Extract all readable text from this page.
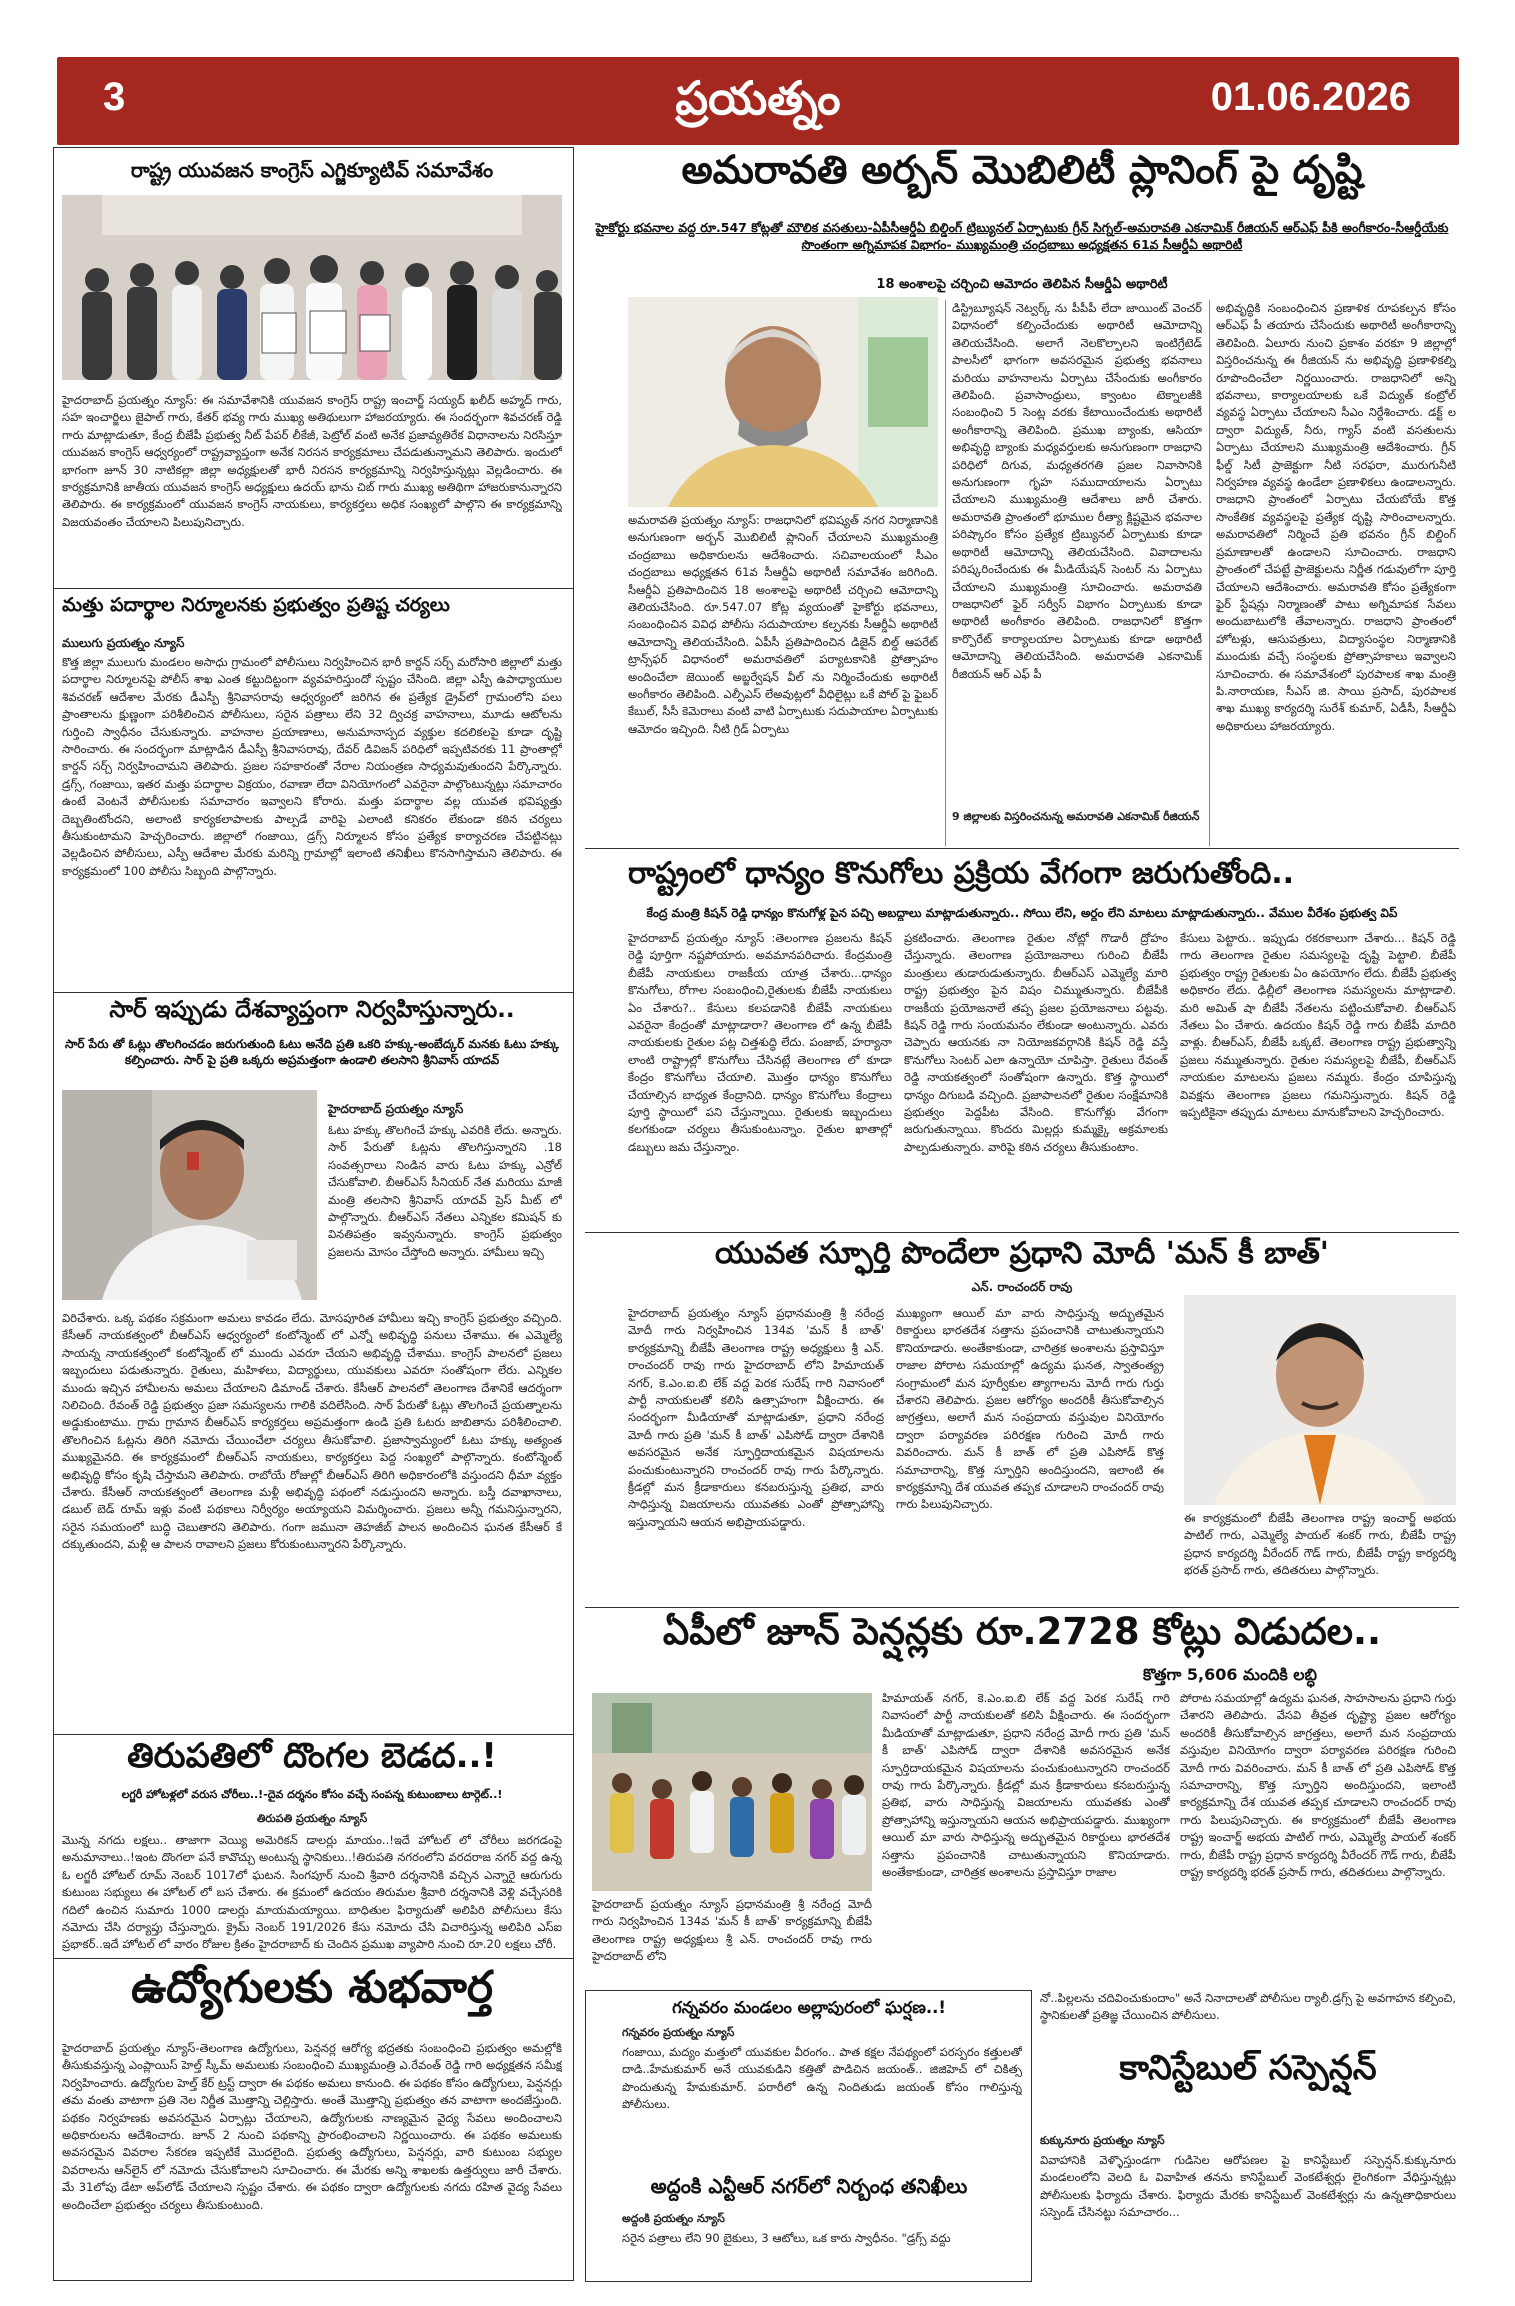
3	ప్రయత్నం	01.06.2026
రాష్ట్ర యువజన కాంగ్రెస్ ఎగ్జిక్యూటివ్ సమావేశం
హైదరాబాద్ ప్రయత్నం న్యూస్: ఈ సమావేశానికి యువజన కాంగ్రెస్ రాష్ట్ర ఇంచార్జ్ సయ్యద్ ఖలీద్ అహ్మద్ గారు, సహ ఇంచార్జిలు జైపాల్ గారు, కేతర్ భవ్య గారు ముఖ్య అతిథులుగా హాజరయ్యారు. ఈ సందర్భంగా శివచరణ్ రెడ్డి గారు మాట్లాడుతూ, కేంద్ర బీజేపీ ప్రభుత్వ నీట్ పేపర్ లీకేజీ, పెట్రోల్ వంటి అనేక ప్రజావ్యతిరేక విధానాలను నిరసిస్తూ యువజన కాంగ్రెస్ ఆధ్వర్యంలో రాష్ట్రవ్యాప్తంగా అనేక నిరసన కార్యక్రమాలు చేపడుతున్నామని తెలిపారు. ఇందులో భాగంగా జూన్ 30 నాటికల్లా జిల్లా అధ్యక్షులతో భారీ నిరసన కార్యక్రమాన్ని నిర్వహిస్తున్నట్లు వెల్లడించారు. ఈ కార్యక్రమానికి జాతీయ యువజన కాంగ్రెస్ అధ్యక్షులు ఉదయ్ భాను చిబ్ గారు ముఖ్య అతిథిగా హాజరుకానున్నారని తెలిపారు. ఈ కార్యక్రమంలో యువజన కాంగ్రెస్ నాయకులు, కార్యకర్తలు అధిక సంఖ్యలో పాల్గొని ఈ కార్యక్రమాన్ని విజయవంతం చేయాలని పిలుపునిచ్చారు.
మత్తు పదార్థాల నిర్మూలనకు ప్రభుత్వం ప్రతిష్ట చర్యలు
ములుగు ప్రయత్నం న్యూస్
కొత్త జిల్లా ములుగు మండలం అసాధు గ్రామంలో పోలీసులు నిర్వహించిన భారీ కార్డన్ సర్చ్ మరోసారి జిల్లాలో మత్తు పదార్థాల నిర్మూలనపై పోలీస్ శాఖ ఎంత కట్టుదిట్టంగా వ్యవహరిస్తుందో స్పష్టం చేసింది. జిల్లా ఎస్పీ ఉపాధ్యాయుల శివచరణ్ ఆదేశాల మేరకు డీఎస్పీ శ్రీనివాసరావు ఆధ్వర్యంలో జరిగిన ఈ ప్రత్యేక డ్రైవ్‌లో గ్రామంలోని పలు ప్రాంతాలను క్షుణ్ణంగా పరిశీలించిన పోలీసులు, సరైన పత్రాలు లేని 32 ద్విచక్ర వాహనాలు, మూడు ఆటోలను గుర్తించి స్వాధీనం చేసుకున్నారు. వాహనాల ప్రయాణాలు, అనుమానాస్పద వ్యక్తుల కదలికలపై కూడా దృష్టి సారించారు. ఈ సందర్భంగా మాట్లాడిన డీఎస్పీ శ్రీనివాసరావు, దేవర్ డివిజన్ పరిధిలో ఇప్పటివరకు 11 ప్రాంతాల్లో కార్డన్ సర్చ్ నిర్వహించామని తెలిపారు. ప్రజల సహకారంతో నేరాల నియంత్రణ సాధ్యమవుతుందని పేర్కొన్నారు. డ్రగ్స్, గంజాయి, ఇతర మత్తు పదార్థాల విక్రయం, రవాణా లేదా వినియోగంలో ఎవరైనా పాల్గొంటున్నట్లు సమాచారం ఉంటే వెంటనే పోలీసులకు సమాచారం ఇవ్వాలని కోరారు. మత్తు పదార్థాల వల్ల యువత భవిష్యత్తు దెబ్బతింటోందని, అలాంటి కార్యకలాపాలకు పాల్పడే వారిపై ఎలాంటి కనికరం లేకుండా కఠిన చర్యలు తీసుకుంటామని హెచ్చరించారు. జిల్లాలో గంజాయి, డ్రగ్స్ నిర్మూలన కోసం ప్రత్యేక కార్యాచరణ చేపట్టినట్లు వెల్లడించిన పోలీసులు, ఎస్పీ ఆదేశాల మేరకు మరిన్ని గ్రామాల్లో ఇలాంటి తనిఖీలు కొనసాగిస్తామని తెలిపారు. ఈ కార్యక్రమంలో 100 పోలీసు సిబ్బంది పాల్గొన్నారు.
సార్ ఇప్పుడు దేశవ్యాప్తంగా నిర్వహిస్తున్నారు..
సార్ పేరు తో ఓట్లు తొలగించడం జరుగుతుంది ఓటు అనేది ప్రతి ఒకరి హక్కు-అంబేద్కర్ మనకు ఓటు హక్కు కల్పించారు. సార్ పై ప్రతి ఒక్కరు అప్రమత్తంగా ఉండాలి తలసాని శ్రీనివాస్ యాదవ్
హైదరాబాద్ ప్రయత్నం న్యూస్
ఓటు హక్కు తొలగించే హక్కు ఎవరికి లేదు. అన్నారు. సార్ పేరుతో ఓట్లను తొలగిస్తున్నారని .18 సంవత్సరాలు నిండిన వారు ఓటు హక్కు ఎన్రోల్ చేసుకోవాలి. బీఆర్ఎస్ సీనియర్ నేత మరియు మాజీ మంత్రి తలసాని శ్రీనివాస్ యాదవ్ ప్రెస్ మీట్ లో పాల్గొన్నారు. బీఆర్ఎస్ నేతలు ఎన్నికల కమిషన్ కు వినతిపత్రం ఇవ్వనున్నారు. కాంగ్రెస్ ప్రభుత్వం ప్రజలను మోసం చేస్తోంది అన్నారు. హామీలు ఇచ్చి
విరిచేశారు. ఒక్క పథకం సక్రమంగా అమలు కావడం లేదు. మోసపూరిత హామీలు ఇచ్చి కాంగ్రెస్ ప్రభుత్వం వచ్చింది. కేసీఆర్ నాయకత్వంలో బీఆర్ఎస్ ఆధ్వర్యంలో కంటోన్మెంట్ లో ఎన్నో అభివృద్ధి పనులు చేశాము. ఈ ఎమ్మెల్యే సాయన్న నాయకత్వంలో కంటోన్మెంట్ లో ముందు ఎవరూ చేయని అభివృద్ధి చేశాము. కాంగ్రెస్ పాలనలో ప్రజలు ఇబ్బందులు పడుతున్నారు. రైతులు, మహిళలు, విద్యార్థులు, యువకులు ఎవరూ సంతోషంగా లేరు. ఎన్నికల ముందు ఇచ్చిన హామీలను అమలు చేయాలని డిమాండ్ చేశారు. కేసీఆర్ పాలనలో తెలంగాణ దేశానికే ఆదర్శంగా నిలిచింది. రేవంత్ రెడ్డి ప్రభుత్వం ప్రజా సమస్యలను గాలికి వదిలేసింది. సార్ పేరుతో ఓట్లు తొలగించే ప్రయత్నాలను అడ్డుకుంటాము. గ్రామ గ్రామాన బీఆర్ఎస్ కార్యకర్తలు అప్రమత్తంగా ఉండి ప్రతి ఓటరు జాబితాను పరిశీలించాలి. తొలగించిన ఓట్లను తిరిగి నమోదు చేయించేలా చర్యలు తీసుకోవాలి. ప్రజాస్వామ్యంలో ఓటు హక్కు అత్యంత ముఖ్యమైనది. ఈ కార్యక్రమంలో బీఆర్ఎస్ నాయకులు, కార్యకర్తలు పెద్ద సంఖ్యలో పాల్గొన్నారు. కంటోన్మెంట్ అభివృద్ధి కోసం కృషి చేస్తామని తెలిపారు. రాబోయే రోజుల్లో బీఆర్ఎస్ తిరిగి అధికారంలోకి వస్తుందని ధీమా వ్యక్తం చేశారు. కేసీఆర్ నాయకత్వంలో తెలంగాణ మళ్లీ అభివృద్ధి పథంలో నడుస్తుందని అన్నారు. బస్తీ దవాఖానాలు, డబుల్ బెడ్ రూమ్ ఇళ్లు వంటి పథకాలు నిర్వీర్యం అయ్యాయని విమర్శించారు. ప్రజలు అన్నీ గమనిస్తున్నారని, సరైన సమయంలో బుద్ధి చెబుతారని తెలిపారు. గంగా జమునా తెహజీబ్ పాలన అందించిన ఘనత కేసీఆర్ కే దక్కుతుందని, మళ్లీ ఆ పాలన రావాలని ప్రజలు కోరుకుంటున్నారని పేర్కొన్నారు.
తిరుపతిలో దొంగల బెడద..!
లగ్జరీ హోటళ్లలో వరుస చోరీలు..!-దైవ దర్శనం కోసం వచ్చే సంపన్న కుటుంబాలు టార్గెట్..!
తిరుపతి ప్రయత్నం న్యూస్
మొన్న నగదు లక్షలు.. తాజాగా వెయ్యి అమెరికన్ డాలర్లు మాయం..!ఇదే హోటల్ లో చోరీలు జరగడంపై అనుమానాలు..!ఇంట దొంగలా పనే కావొచ్చు అంటున్న స్థానికులు..!తిరుపతి నగరంలోని వరదరాజ నగర్ వద్ద ఉన్న ఓ లగ్జరీ హోటల్ రూమ్ నెంబర్ 1017లో ఘటన. సింగపూర్ నుంచి శ్రీవారి దర్శనానికి వచ్చిన ఎన్నారై ఆరుగురు కుటుంబ సభ్యులు ఈ హోటల్ లో బస చేశారు. ఈ క్రమంలో ఉదయం తిరుమల శ్రీవారి దర్శనానికి వెళ్లి వచ్చేసరికి గదిలో ఉంచిన సుమారు 1000 డాలర్లు మాయమయ్యాయి. బాధితుల ఫిర్యాదుతో అలిపిరి పోలీసులు కేసు నమోదు చేసి దర్యాప్తు చేస్తున్నారు. క్రైమ్ నెంబర్ 191/2026 కేసు నమోదు చేసి విచారిస్తున్న అలిపిరి ఎస్ఐ ప్రభాకర్..ఇదే హోటల్ లో వారం రోజుల క్రితం హైదరాబాద్ కు చెందిన ప్రముఖ వ్యాపారి నుంచి రూ.20 లక్షలు చోరీ.
ఉద్యోగులకు శుభవార్త
హైదరాబాద్ ప్రయత్నం న్యూస్-తెలంగాణ ఉద్యోగులు, పెన్షనర్ల ఆరోగ్య భద్రతకు సంబంధించి ప్రభుత్వం అమల్లోకి తీసుకువస్తున్న ఎంప్లాయిస్ హెల్త్ స్కీమ్ అమలుకు సంబంధించి ముఖ్యమంత్రి ఎ.రేవంత్ రెడ్డి గారి అధ్యక్షతన సమీక్ష నిర్వహించారు. ఉద్యోగుల హెల్త్ కేర్ ట్రస్ట్ ద్వారా ఈ పథకం అమలు కానుంది. ఈ పథకం కోసం ఉద్యోగులు, పెన్షనర్లు తమ వంతు వాటాగా ప్రతి నెల నిర్ణీత మొత్తాన్ని చెల్లిస్తారు. అంతే మొత్తాన్ని ప్రభుత్వం తన వాటాగా అందజేస్తుంది. పథకం నిర్వహణకు అవసరమైన ఏర్పాట్లు చేయాలని, ఉద్యోగులకు నాణ్యమైన వైద్య సేవలు అందించాలని అధికారులను ఆదేశించారు. జూన్ 2 నుంచి పథకాన్ని ప్రారంభించాలని నిర్ణయించారు. ఈ పథకం అమలుకు అవసరమైన వివరాల సేకరణ ఇప్పటికే మొదలైంది. ప్రభుత్వ ఉద్యోగులు, పెన్షనర్లు, వారి కుటుంబ సభ్యుల వివరాలను ఆన్‌లైన్ లో నమోదు చేసుకోవాలని సూచించారు. ఈ మేరకు అన్ని శాఖలకు ఉత్తర్వులు జారీ చేశారు. మే 31లోపు డేటా అప్‌లోడ్ చేయాలని స్పష్టం చేశారు. ఈ పథకం ద్వారా ఉద్యోగులకు నగదు రహిత వైద్య సేవలు అందించేలా ప్రభుత్వం చర్యలు తీసుకుంటుంది.
అమరావతి అర్బన్ మొబిలిటీ ప్లానింగ్ పై దృష్టి
హైకోర్టు భవనాల వద్ద రూ.547 కోట్లతో మౌలిక వసతులు-ఏపీసీఆర్డీఏ బిల్డింగ్ ట్రిబ్యునల్ ఏర్పాటుకు గ్రీన్ సిగ్నల్-అమరావతి ఎకనామిక్ రీజియన్ ఆర్ఎఫ్ పీకి అంగీకారం-సీఆర్డీయేకు సొంతంగా అగ్నిమాపక విభాగం- ముఖ్యమంత్రి చంద్రబాబు అధ్యక్షతన 61వ సీఆర్డీఏ అథారిటీ
18 అంశాలపై చర్చించి ఆమోదం తెలిపిన సీఆర్డీఏ అథారిటీ
అమరావతి ప్రయత్నం న్యూస్: రాజధానిలో భవిష్యత్ నగర నిర్మాణానికి అనుగుణంగా అర్బన్ మొబిలిటీ ప్లానింగ్ చేయాలని ముఖ్యమంత్రి చంద్రబాబు అధికారులను ఆదేశించారు. సచివాలయంలో సీఎం చంద్రబాబు అధ్యక్షతన 61వ సీఆర్డీఏ అథారిటీ సమావేశం జరిగింది. సీఆర్డీఏ ప్రతిపాదించిన 18 అంశాలపై అథారిటీ చర్చించి ఆమోదాన్ని తెలియచేసింది. రూ.547.07 కోట్ల వ్యయంతో హైకోర్టు భవనాలు, సంబంధించిన వివిధ పోలీసు సదుపాయాల కల్పనకు సీఆర్డీఏ అథారిటీ ఆమోదాన్ని తెలియచేసింది. ఏపీసీ ప్రతిపాదించిన డిజైన్ బిల్డ్ ఆపరేట్ ట్రాన్స్‌ఫర్ విధానంలో అమరావతిలో పర్యాటకానికి ప్రోత్సాహం అందించేలా జెయింట్ అబ్జర్వేషన్ వీల్ ను నిర్మించేందుకు అథారిటీ అంగీకారం తెలిపింది. ఎల్పీఎస్ లేఅవుట్లలో వీధిలైట్లు ఒకే పోల్ పై ఫైబర్ కేబుల్, సీసీ కెమెరాలు వంటి వాటి ఏర్పాటుకు సదుపాయాల ఏర్పాటుకు ఆమోదం ఇచ్చింది. నీటి గ్రిడ్ ఏర్పాటు
డిస్ట్రిబ్యూషన్ నెట్వర్క్ ను పీపీపీ లేదా జాయింట్ వెంచర్ విధానంలో కల్పించేందుకు అథారిటీ ఆమోదాన్ని తెలియచేసింది. అలాగే నెలకొల్పాలని ఇంటిగ్రేటెడ్ పాలసీలో భాగంగా అవసరమైన ప్రభుత్వ భవనాలు మరియు వాహనాలను ఏర్పాటు చేసేందుకు అంగీకారం తెలిపింది. ప్రవాసాంధ్రులు, క్వాంటం టెక్నాలజీకి సంబంధించి 5 సెంట్ల వరకు కేటాయించేందుకు అథారిటీ అంగీకారాన్ని తెలిపింది. ప్రముఖ బ్యాంకు, ఆసియా అభివృద్ధి బ్యాంకు మధ్యవర్తులకు అనుగుణంగా రాజధాని పరిధిలో దిగువ, మధ్యతరగతి ప్రజల నివాసానికి అనుగుణంగా గృహ సముదాయాలను ఏర్పాటు చేయాలని ముఖ్యమంత్రి ఆదేశాలు జారీ చేశారు. అమరావతి ప్రాంతంలో భూముల రీత్యా క్లిష్టమైన భవనాల పరిష్కారం కోసం ప్రత్యేక ట్రిబ్యునల్ ఏర్పాటుకు కూడా అథారిటీ ఆమోదాన్ని తెలియచేసింది. వివాదాలను పరిష్కరించేందుకు ఈ మీడియేషన్ సెంటర్ ను ఏర్పాటు చేయాలని ముఖ్యమంత్రి సూచించారు. అమరావతి రాజధానిలో ఫైర్ సర్వీస్ విభాగం ఏర్పాటుకు కూడా అథారిటీ అంగీకారం తెలిపింది. రాజధానిలో కొత్తగా కార్పొరేట్ కార్యాలయాల ఏర్పాటుకు కూడా అథారిటీ ఆమోదాన్ని తెలియచేసింది. అమరావతి ఎకనామిక్ రీజియన్ ఆర్ ఎఫ్ పీ
9 జిల్లాలకు విస్తరించనున్న అమరావతి ఎకనామిక్ రీజియన్
అభివృద్ధికి సంబంధించిన ప్రణాళిక రూపకల్పన కోసం ఆర్ఎఫ్ పీ తయారు చేసేందుకు అథారిటీ అంగీకారాన్ని తెలిపింది. ఏలూరు నుంచి ప్రకాశం వరకూ 9 జిల్లాల్లో విస్తరించనున్న ఈ రీజియన్ ను అభివృద్ధి ప్రణాళికల్ని రూపొందించేలా నిర్ణయించారు. రాజధానిలో అన్ని భవనాలు, కార్యాలయాలకు ఒకే విద్యుత్ కంట్రోల్ వ్యవస్థ ఏర్పాటు చేయాలని సీఎం నిర్దేశించారు. డక్ట్ ల ద్వారా విద్యుత్, నీరు, గ్యాస్ వంటి వసతులను ఏర్పాటు చేయాలని ముఖ్యమంత్రి ఆదేశించారు. గ్రీన్ ఫీల్డ్ సిటీ ప్రాజెక్టుగా నీటి సరఫరా, మురుగునీటి నిర్వహణ వ్యవస్థ ఉండేలా ప్రణాళికలు ఉండాలన్నారు. రాజధాని ప్రాంతంలో ఏర్పాటు చేయబోయే కొత్త సాంకేతిక వ్యవస్థలపై ప్రత్యేక దృష్టి సారించాలన్నారు. అమరావతిలో నిర్మించే ప్రతి భవనం గ్రీన్ బిల్డింగ్ ప్రమాణాలతో ఉండాలని సూచించారు. రాజధాని ప్రాంతంలో చేపట్టే ప్రాజెక్టులను నిర్ణీత గడువులోగా పూర్తి చేయాలని ఆదేశించారు. అమరావతి కోసం ప్రత్యేకంగా ఫైర్ స్టేషన్లు నిర్మాణంతో పాటు అగ్నిమాపక సేవలు అందుబాటులోకి తేవాలన్నారు. రాజధాని ప్రాంతంలో హోటళ్లు, ఆసుపత్రులు, విద్యాసంస్థల నిర్మాణానికి ముందుకు వచ్చే సంస్థలకు ప్రోత్సాహకాలు ఇవ్వాలని సూచించారు. ఈ సమావేశంలో పురపాలక శాఖ మంత్రి పి.నారాయణ, సీఎస్ జి. సాయి ప్రసాద్, పురపాలక శాఖ ముఖ్య కార్యదర్శి సురేశ్ కుమార్, ఏడీసీ, సీఆర్డీఏ అధికారులు హాజరయ్యారు.
రాష్ట్రంలో ధాన్యం కొనుగోలు ప్రక్రియ వేగంగా జరుగుతోంది..
కేంద్ర మంత్రి కిషన్ రెడ్డి ధాన్యం కొనుగోళ్ల పైన పచ్చి అబద్ధాలు మాట్లాడుతున్నారు.. సోయి లేని, అర్ధం లేని మాటలు మాట్లాడుతున్నారు.. వేముల వీరేశం ప్రభుత్వ విప్
హైదరాబాద్ ప్రయత్నం న్యూస్ :తెలంగాణ ప్రజలను కిషన్ రెడ్డి పూర్తిగా నష్టపోయారు. అవమానపరిచారు. కేంద్రమంత్రి బీజేపీ నాయకులు రాజకీయ యాత్ర చేశారు...ధాన్యం కొనుగోలు, రోగాల సంబంధించి,రైతులకు బీజేపీ నాయకులు ఏం చేశారు?.. కేసులు కలపడానికి బీజేపీ నాయకులు ఎవరైనా కేంద్రంతో మాట్లాడారా? తెలంగాణ లో ఉన్న బీజేపీ నాయకులకు రైతుల పట్ల చిత్తశుద్ధి లేదు. పంజాబ్, హర్యానా లాంటి రాష్ట్రాల్లో కొనుగోలు చేసినట్లే తెలంగాణ లో కూడా కేంద్రం కొనుగోలు చేయాలి. మొత్తం ధాన్యం కొనుగోలు చేయాల్సిన బాధ్యత కేంద్రానిది. ధాన్యం కొనుగోలు కేంద్రాలు పూర్తి స్థాయిలో పని చేస్తున్నాయి. రైతులకు ఇబ్బందులు కలగకుండా చర్యలు తీసుకుంటున్నాం. రైతుల ఖాతాల్లో డబ్బులు జమ చేస్తున్నాం.
ప్రకటించారు. తెలంగాణ రైతుల నోట్లో గొడారీ ద్రోహం చేస్తున్నారు. తెలంగాణ ప్రయోజనాలు గురించి బీజేపీ మంత్రులు తుడారుడుతున్నారు. బీఆర్ఎస్ ఎమ్మెల్యే మారి రాష్ట్ర ప్రభుత్వం పైన విషం చిమ్ముతున్నారు. బీజేపీకి రాజకీయ ప్రయోజనాలే తప్ప ప్రజల ప్రయోజనాలు పట్టవు. కిషన్ రెడ్డి గారు సంయమనం లేకుండా అంటున్నారు. ఎవరు చెప్పారు ఆయనకు నా నియోజకవర్గానికి కిషన్ రెడ్డి వస్తే కొనుగోలు సెంటర్ ఎలా ఉన్నాయో చూపిస్తా. రైతులు రేవంత్ రెడ్డి నాయకత్వంలో సంతోషంగా ఉన్నారు. కొత్త స్థాయిలో ధాన్యం దిగుబడి వచ్చింది. ప్రజాపాలనలో రైతుల సంక్షేమానికి ప్రభుత్వం పెద్దపీట వేసింది. కొనుగోళ్లు వేగంగా జరుగుతున్నాయి. కొందరు మిల్లర్లు కుమ్మక్కై అక్రమాలకు పాల్పడుతున్నారు. వారిపై కఠిన చర్యలు తీసుకుంటాం.
కేసులు పెట్టారు.. ఇప్పుడు రకరకాలుగా చేశారు... కిషన్ రెడ్డి గారు తెలంగాణ రైతుల సమస్యలపై దృష్టి పెట్టాలి. బీజేపీ ప్రభుత్వం రాష్ట్ర రైతులకు ఏం ఉపయోగం లేదు. బీజేపీ ప్రభుత్వ అధికారం లేదు. ఢిల్లీలో తెలంగాణ సమస్యలను మాట్లాడాలి. మరి అమిత్ షా బీజేపీ నేతలను పట్టించుకోవాలి. బీఆర్ఎస్ నేతలు ఏం చేశారు. ఉదయం కిషన్ రెడ్డి గారు బీజేపీ మాదిరి వాళ్లు. బీఆర్ఎస్, బీజేపీ ఒక్కటే. తెలంగాణ రాష్ట్ర ప్రభుత్వాన్ని ప్రజలు నమ్ముతున్నారు. రైతుల సమస్యలపై బీజేపీ, బీఆర్ఎస్ నాయకుల మాటలను ప్రజలు నమ్మరు. కేంద్రం చూపిస్తున్న వివక్షను తెలంగాణ ప్రజలు గమనిస్తున్నారు. కిషన్ రెడ్డి ఇప్పటికైనా తప్పుడు మాటలు మానుకోవాలని హెచ్చరించారు.
యువత స్ఫూర్తి పొందేలా ప్రధాని మోదీ 'మన్ కీ బాత్'
ఎన్. రాంచందర్ రావు
హైదరాబాద్ ప్రయత్నం న్యూస్ ప్రధానమంత్రి శ్రీ నరేంద్ర మోదీ గారు నిర్వహించిన 134వ 'మన్ కీ బాత్' కార్యక్రమాన్ని బీజేపీ తెలంగాణ రాష్ట్ర అధ్యక్షులు శ్రీ ఎన్. రాంచందర్ రావు గారు హైదరాబాద్ లోని హిమాయత్ నగర్, కె.ఎం.ఐ.బి లేక్ వద్ద పెరక సురేష్ గారి నివాసంలో పార్టీ నాయకులతో కలిసి ఉత్సాహంగా వీక్షించారు. ఈ సందర్భంగా మీడియాతో మాట్లాడుతూ, ప్రధాని నరేంద్ర మోదీ గారు ప్రతి 'మన్ కీ బాత్' ఎపిసోడ్ ద్వారా దేశానికి అవసరమైన అనేక స్ఫూర్తిదాయకమైన విషయాలను పంచుకుంటున్నారని రాంచందర్ రావు గారు పేర్కొన్నారు. క్రీడల్లో మన క్రీడాకారులు కనబరుస్తున్న ప్రతిభ, వారు సాధిస్తున్న విజయాలను యువతకు ఎంతో ప్రోత్సాహాన్ని ఇస్తున్నాయని ఆయన అభిప్రాయపడ్డారు.
ముఖ్యంగా ఆయిల్ మా వారు సాధిస్తున్న అద్భుతమైన రికార్డులు భారతదేశ సత్తాను ప్రపంచానికి చాటుతున్నాయని కొనియాడారు. అంతేకాకుండా, చారిత్రక అంశాలను ప్రస్తావిస్తూ రాజాల పోరాట సమయాల్లో ఉద్యమ ఘనత, స్వాతంత్య్ర సంగ్రామంలో మన పూర్వీకుల త్యాగాలను మోదీ గారు గుర్తు చేశారని తెలిపారు. ప్రజల ఆరోగ్యం అందరికీ తీసుకోవాల్సిన జాగ్రత్తలు, అలాగే మన సంప్రదాయ వస్తువుల వినియోగం ద్వారా పర్యావరణ పరిరక్షణ గురించి మోదీ గారు వివరించారు. మన్ కీ బాత్ లో ప్రతి ఎపిసోడ్ కొత్త సమాచారాన్ని, కొత్త స్ఫూర్తిని అందిస్తుందని, ఇలాంటి ఈ కార్యక్రమాన్ని దేశ యువత తప్పక చూడాలని రాంచందర్ రావు గారు పిలుపునిచ్చారు.
ఈ కార్యక్రమంలో బీజేపీ తెలంగాణ రాష్ట్ర ఇంచార్జ్ అభయ పాటిల్ గారు, ఎమ్మెల్యే పాయల్ శంకర్ గారు, బీజేపీ రాష్ట్ర ప్రధాన కార్యదర్శి వీరేందర్ గౌడ్ గారు, బీజేపీ రాష్ట్ర కార్యదర్శి భరత్ ప్రసాద్ గారు, తదితరులు పాల్గొన్నారు.
ఏపీలో జూన్ పెన్షన్లకు రూ.2728 కోట్లు విడుదల..
కొత్తగా 5,606 మందికి లబ్ధి
హైదరాబాద్ ప్రయత్నం న్యూస్ ప్రధానమంత్రి శ్రీ నరేంద్ర మోదీ గారు నిర్వహించిన 134వ 'మన్ కీ బాత్' కార్యక్రమాన్ని బీజేపీ తెలంగాణ రాష్ట్ర అధ్యక్షులు శ్రీ ఎన్. రాంచందర్ రావు గారు హైదరాబాద్ లోని
హిమాయత్ నగర్, కె.ఎం.ఐ.బి లేక్ వద్ద పెరక సురేష్ గారి నివాసంలో పార్టీ నాయకులతో కలిసి వీక్షించారు. ఈ సందర్భంగా మీడియాతో మాట్లాడుతూ, ప్రధాని నరేంద్ర మోదీ గారు ప్రతి 'మన్ కీ బాత్' ఎపిసోడ్ ద్వారా దేశానికి అవసరమైన అనేక స్ఫూర్తిదాయకమైన విషయాలను పంచుకుంటున్నారని రాంచందర్ రావు గారు పేర్కొన్నారు. క్రీడల్లో మన క్రీడాకారులు కనబరుస్తున్న ప్రతిభ, వారు సాధిస్తున్న విజయాలను యువతకు ఎంతో ప్రోత్సాహాన్ని ఇస్తున్నాయని ఆయన అభిప్రాయపడ్డారు. ముఖ్యంగా ఆయిల్ మా వారు సాధిస్తున్న అద్భుతమైన రికార్డులు భారతదేశ సత్తాను ప్రపంచానికి చాటుతున్నాయని కొనియాడారు. అంతేకాకుండా, చారిత్రక అంశాలను ప్రస్తావిస్తూ రాజాల
పోరాట సమయాల్లో ఉద్యమ ఘనత, సాహసాలను ప్రధాని గుర్తు చేశారని తెలిపారు. వేసవి తీవ్రత దృష్ట్యా ప్రజల ఆరోగ్యం అందరికీ తీసుకోవాల్సిన జాగ్రత్తలు, అలాగే మన సంప్రదాయ వస్తువుల వినియోగం ద్వారా పర్యావరణ పరిరక్షణ గురించి మోదీ గారు వివరించారు. మన్ కీ బాత్ లో ప్రతి ఎపిసోడ్ కొత్త సమాచారాన్ని, కొత్త స్ఫూర్తిని అందిస్తుందని, ఇలాంటి కార్యక్రమాన్ని దేశ యువత తప్పక చూడాలని రాంచందర్ రావు గారు పిలుపునిచ్చారు. ఈ కార్యక్రమంలో బీజేపీ తెలంగాణ రాష్ట్ర ఇంచార్జ్ అభయ పాటిల్ గారు, ఎమ్మెల్యే పాయల్ శంకర్ గారు, బీజేపీ రాష్ట్ర ప్రధాన కార్యదర్శి వీరేందర్ గౌడ్ గారు, బీజేపీ రాష్ట్ర కార్యదర్శి భరత్ ప్రసాద్ గారు, తదితరులు పాల్గొన్నారు.
గన్నవరం మండలం అల్లాపురంలో ఘర్షణ..!
గన్నవరం ప్రయత్నం న్యూస్
గంజాయి, మద్యం మత్తులో యువకుల వీరంగం.. పాత కక్షల నేపథ్యంలో పరస్పరం కత్తులతో దాడి..హేమకుమార్ అనే యువకుడిని కత్తితో పొడిచిన జయంత్.. జిజిహెచ్ లో చికిత్స పొందుతున్న హేమకుమార్. పరారీలో ఉన్న నిందితుడు జయంత్ కోసం గాలిస్తున్న పోలీసులు.
అద్దంకి ఎన్టీఆర్ నగర్‌లో నిర్బంధ తనిఖీలు
అద్దంకి ప్రయత్నం న్యూస్
సరైన పత్రాలు లేని 90 బైకులు, 3 ఆటోలు, ఒక కారు స్వాధీనం. "డ్రగ్స్ వద్దు
నో..పిల్లలను చదివించుకుందాం" అనే నినాదాలతో పోలీసుల ర్యాలీ.డ్రగ్స్ పై అవగాహన కల్పించి, స్థానికులతో ప్రతిజ్ఞ చేయించిన పోలీసులు.
కానిస్టేబుల్ సస్పెన్షన్
కుక్కునూరు ప్రయత్నం న్యూస్
వివాహానికి వెళ్ళొస్తుండగా గుడిసెల ఆరోపణల పై కానిస్టేబుల్ సస్పెన్షన్.కుక్కునూరు మండలంలోని వెలది ఓ వివాహిత తనను కానిస్టేబుల్ వెంకటేశ్వర్లు లైంగికంగా వేధిస్తున్నట్లు పోలీసులకు ఫిర్యాదు చేశారు. ఫిర్యాదు మేరకు కానిస్టేబుల్ వెంకటేశ్వర్లు ను ఉన్నతాధికారులు సస్పెండ్ చేసినట్టు సమాచారం...
